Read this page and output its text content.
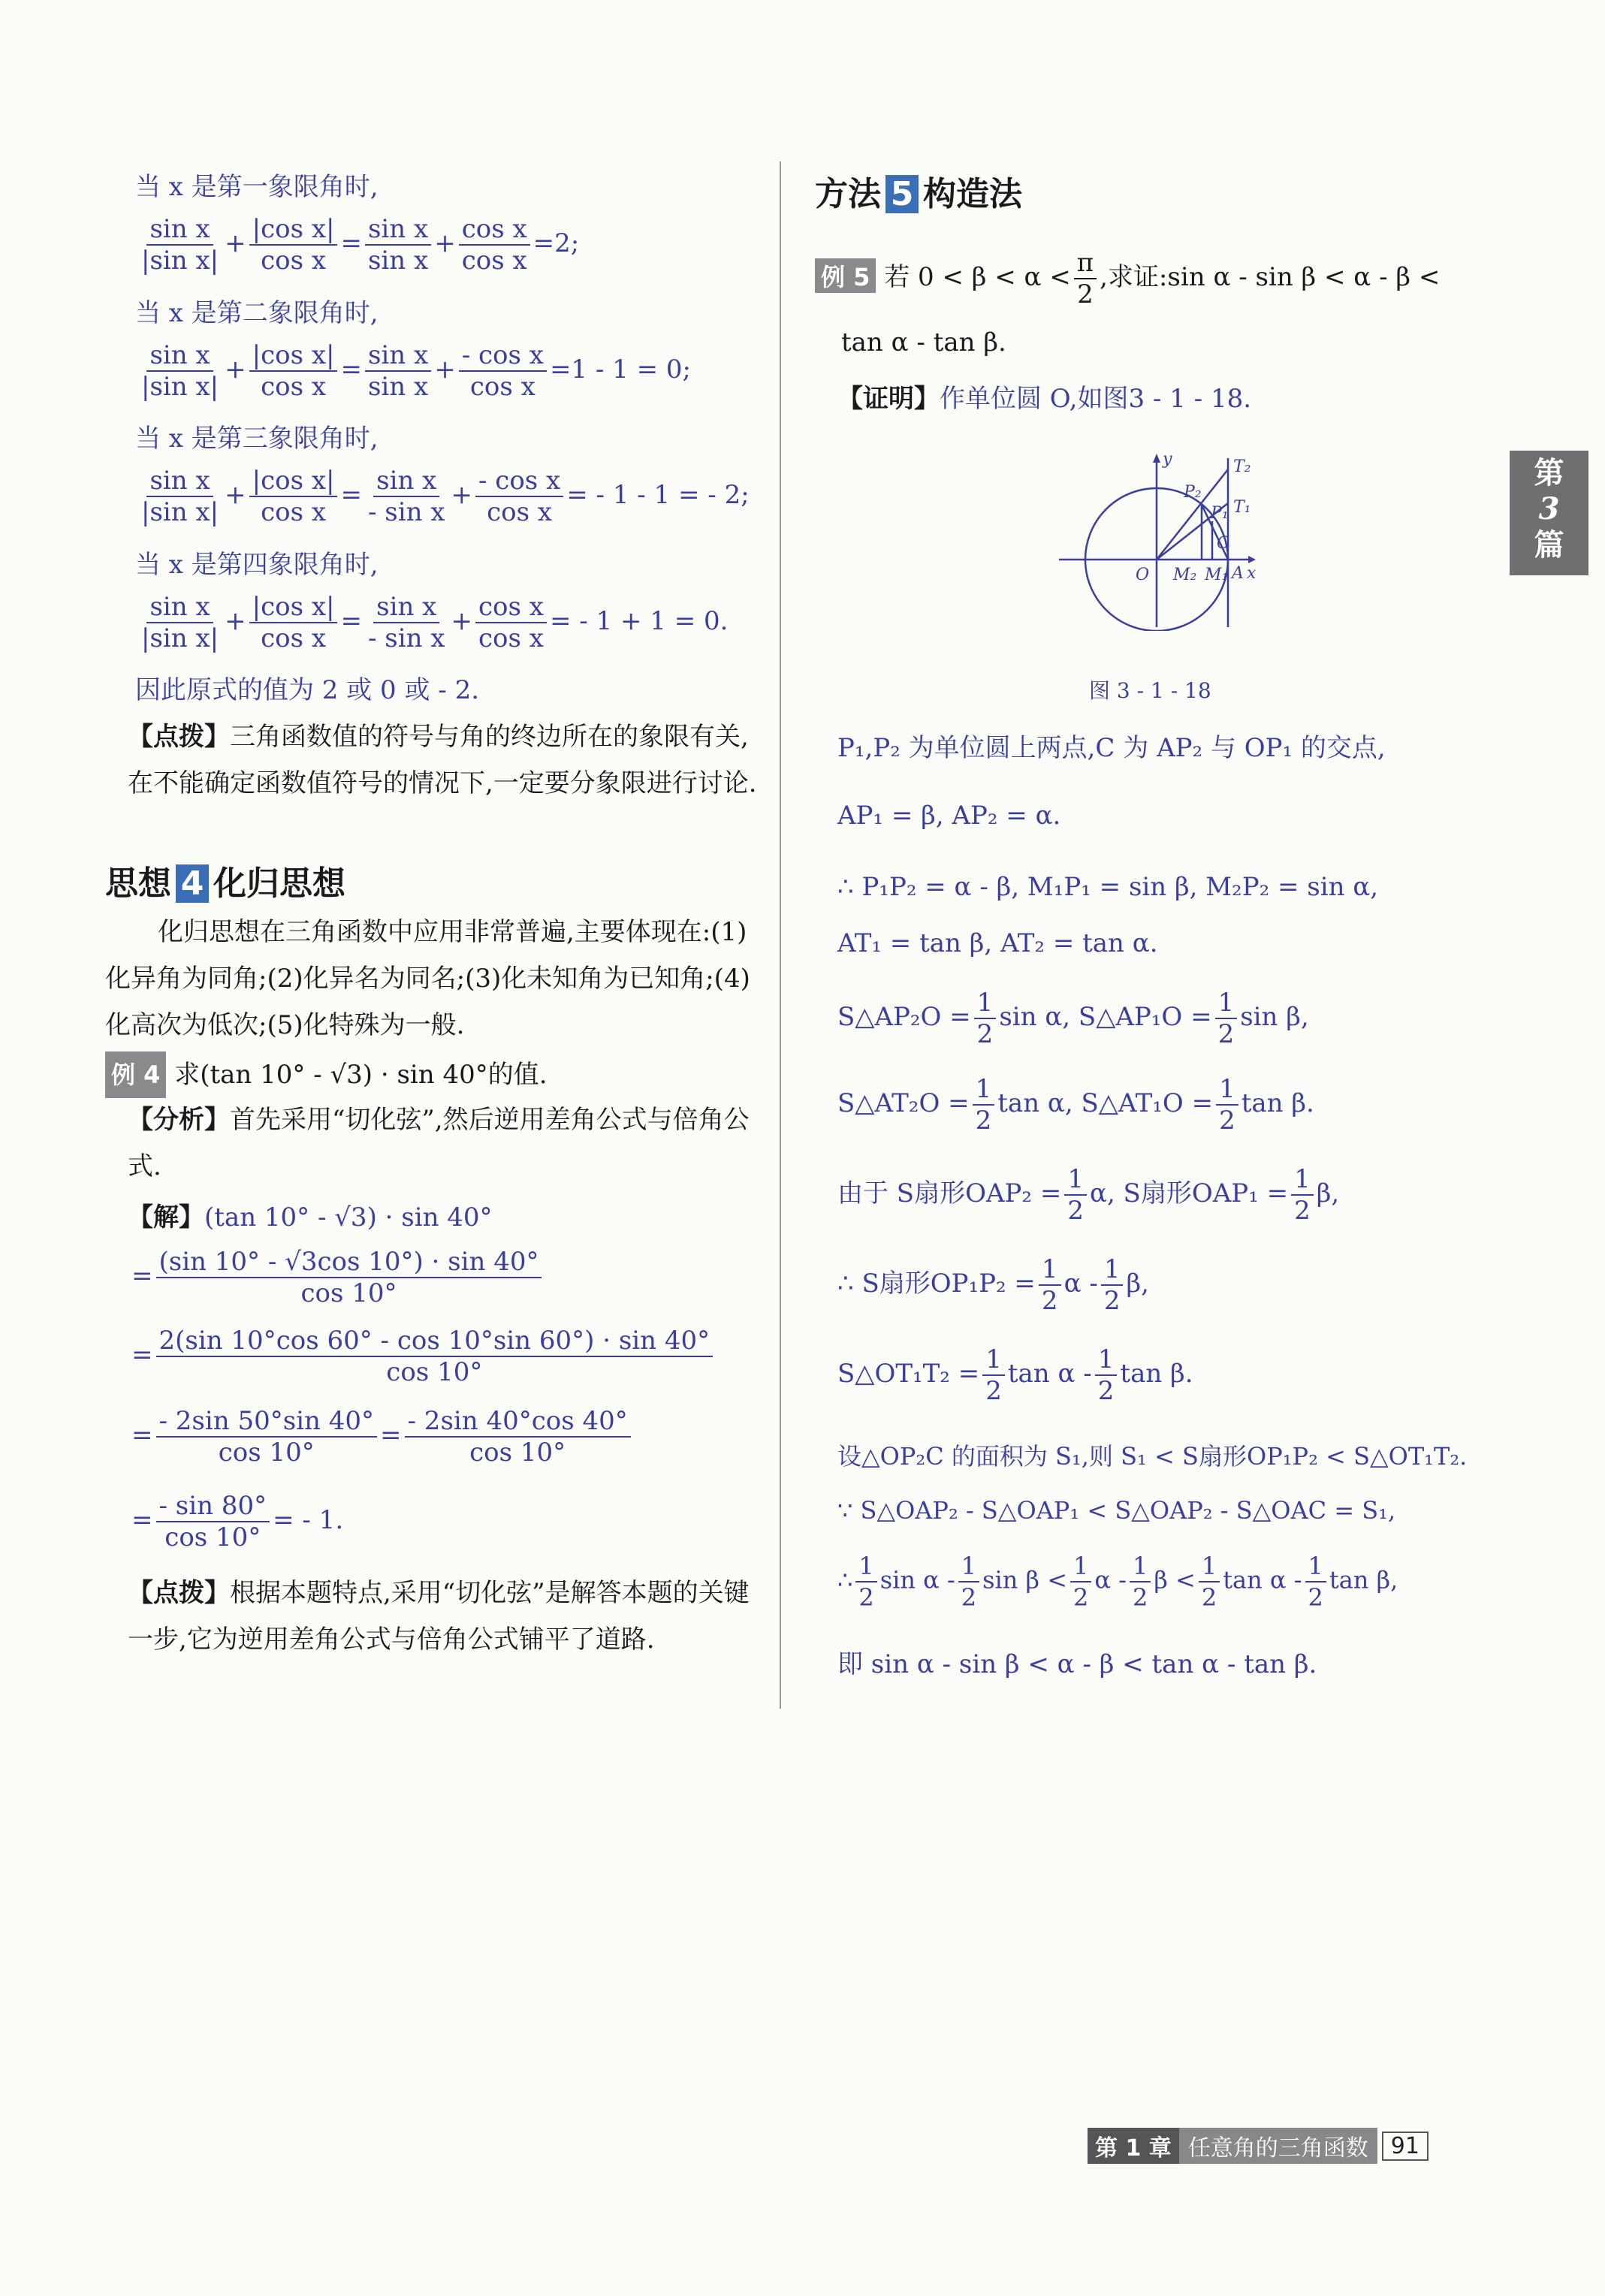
当 x 是第一象限角时,
$\frac{\text{sin x}}{\text{|sin x|}} + \frac{\text{|cos x|}}{\text{cos x}} = \frac{\text{sin x}}{\text{sin x}} + \frac{\text{cos x}}{\text{cos x}} =2$;
当 x 是第二象限角时,
$\frac{\text{sin x}}{\text{|sin x|}} + \frac{\text{|cos x|}}{\text{cos x}} = \frac{\text{sin x}}{\text{sin x}} + \frac{\text{- cos x}}{\text{cos x}} =1 - 1 = 0$;
当 x 是第三象限角时,
$\frac{\text{sin x}}{\text{|sin x|}} + \frac{\text{|cos x|}}{\text{cos x}} = \frac{\text{sin x}}{\text{- sin x}} + \frac{\text{- cos x}}{\text{cos x}}$ = - 1 - 1 = - 2;
当 x 是第四象限角时,
$\frac{\text{sin x}}{\text{|sin x|}} + \frac{\text{|cos x|}}{\text{cos x}} = \frac{\text{sin x}}{\text{- sin x}} + \frac{\text{cos x}}{\text{cos x}}$ = - 1 + 1 = 0.
因此原式的值为 2 或 0 或 - 2.
【点拨】三角函数值的符号与角的终边所在的象限有关,在不能确定函数值符号的情况下,一定要分象限进行讨论.
思想 4 化归思想
化归思想在三角函数中应用非常普遍,主要体现在:(1)化异角为同角;(2)化异名为同名;(3)化未知角为已知角;(4)化高次为低次;(5)化特殊为一般.
例 4 求(tan 10° - √3) · sin 40°的值.
【分析】首先采用“切化弦”,然后逆用差角公式与倍角公式.
【解】(tan 10° - √3) · sin 40°
= $\frac{(\sin 10^\circ - √3\cos 10^\circ) \cdot \sin 40^\circ}{\cos 10^\circ}$
= $\frac{2(\sin 10^\circ\cos 60^\circ - \cos 10^\circ\sin 60^\circ) \cdot \sin 40^\circ}{\cos 10^\circ}$
= $\frac{- 2\sin 50^\circ\sin 40^\circ}{\cos 10^\circ} = \frac{- 2\sin 40^\circ\cos 40^\circ}{\cos 10^\circ}$
= $\frac{- \sin 80^\circ}{\cos 10^\circ}$ = - 1.
【点拨】根据本题特点,采用“切化弦”是解答本题的关键一步,它为逆用差角公式与倍角公式铺平了道路.
方法 5 构造法
例 5 若 $0 < \beta < \alpha < \frac{\pi}{2}$ ,求证:sin α - sin β < α - β <
tan α - tan β.
【证明】作单位圆 O,如图3 - 1 - 18.
y
x
O	A
M₂ M₁
P₁
P₂
T₁
T₂
C
图 3 - 1 - 18
P₁,P₂ 为单位圆上两点,C 为 AP₂ 与 OP₁ 的交点,
AP₁ = β, AP₂ = α.
∴ P₁P₂ = α - β, M₁P₁ = sin β, M₂P₂ = sin α,
AT₁ = tan β, AT₂ = tan α.
S△AP₂O = $\frac{1}{2}$ sin α, S△AP₁O = $\frac{1}{2}$ sin β,
S△AT₂O = $\frac{1}{2}$ tan α, S△AT₁O = $\frac{1}{2}$ tan β.
由于 S扇形$OAP_2 = \frac{1}{2} \alpha$, S扇形$OAP_1 = \frac{1}{2} \beta$,
∴ S扇形$OP_1P_2 = \frac{1}{2}$ α - $\frac{1}{2} \beta$,
S△OT₁T₂ = $\frac{1}{2}$ tan α - $\frac{1}{2}$ tan β.
设△OP₂C 的面积为 S₁,则 S₁ < S扇形OP₁P₂ < S△OT₁T₂.
∵ S△OAP₂ - S△OAP₁ < S△OAP₂ - S△OAC = S₁,
∴ $\frac{1}{2}$ sin α - $\frac{1}{2}$ $\sin \beta < \frac{1}{2}$ α - $\frac{1}{2}$ $\beta < \frac{1}{2}$ tan α - $\frac{1}{2}$ tan β,
即 sin α - sin β < α - β < tan α - tan β.
第
3
篇
第 1 章 任意角的三角函数	91
